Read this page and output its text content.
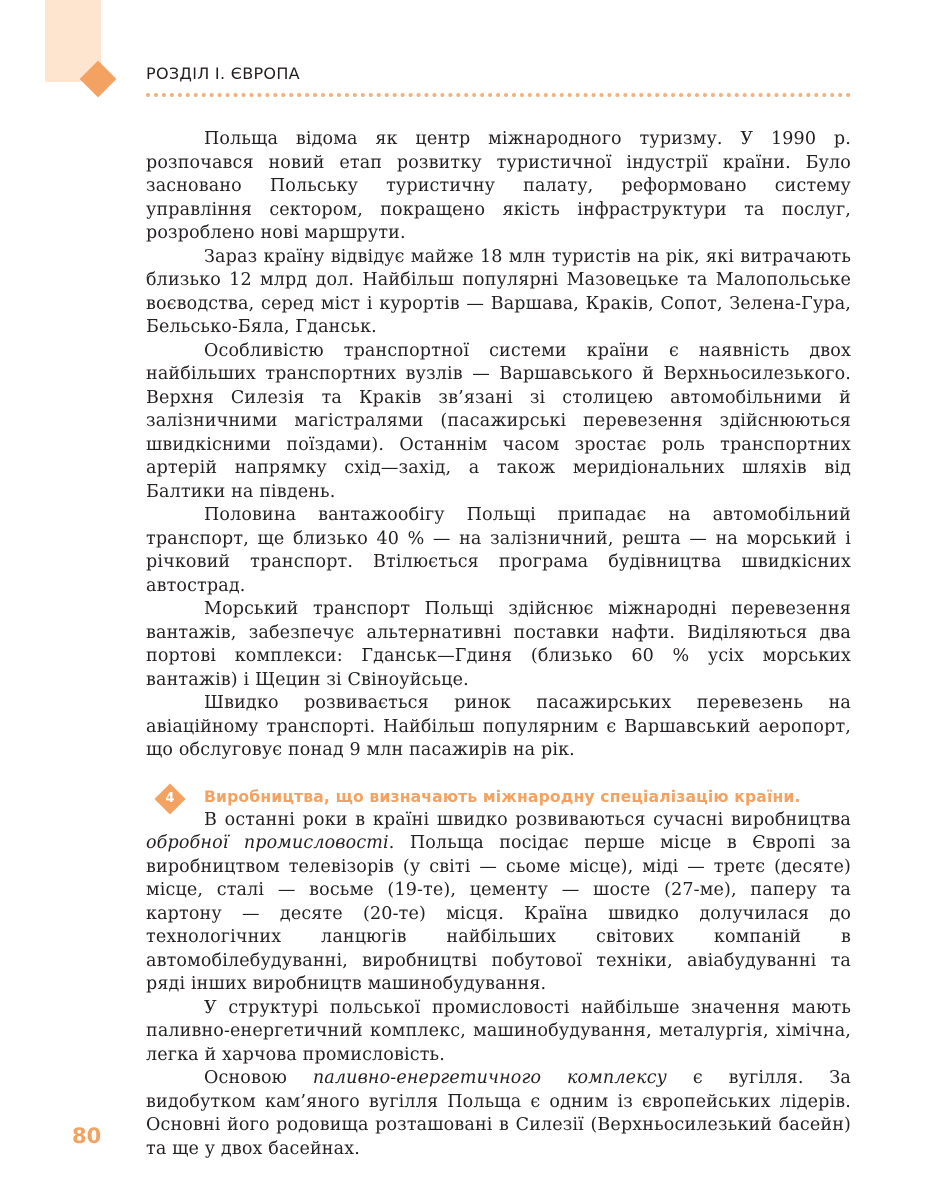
РОЗДІЛ І. ЄВРОПА

Польща відома як центр міжнародного туризму. У 1990 р. розпочався новий етап розвитку туристичної індустрії країни. Було засновано Польську туристичну палату, реформовано систему управління сектором, покращено якість інфраструктури та послуг, розроблено нові маршрути.

Зараз країну відвідує майже 18 млн туристів на рік, які витрачають близько 12 млрд дол. Найбільш популярні Мазовецьке та Малопольське воєводства, серед міст і курортів — Варшава, Краків, Сопот, Зелена-Гура, Бельсько-Бяла, Гданськ.

Особливістю транспортної системи країни є наявність двох найбільших транспортних вузлів — Варшавського й Верхньосилезького. Верхня Силезія та Краків зв’язані зі столицею автомобільними й залізничними магістралями (пасажирські перевезення здійснюються швидкісними поїздами). Останнім часом зростає роль транспортних артерій напрямку схід—захід, а також меридіональних шляхів від Балтики на південь.

Половина вантажообігу Польщі припадає на автомобільний транспорт, ще близько 40 % — на залізничний, решта — на морський і річковий транспорт. Втілюється програма будівництва швидкісних автострад.

Морський транспорт Польщі здійснює міжнародні перевезення вантажів, забезпечує альтернативні поставки нафти. Виділяються два портові комплекси: Гданськ—Гдиня (близько 60 % усіх морських вантажів) і Щецин зі Свіноуйсьце.

Швидко розвивається ринок пасажирських перевезень на авіаційному транспорті. Найбільш популярним є Варшавський аеропорт, що обслуговує понад 9 млн пасажирів на рік.

4	Виробництва, що визначають міжнародну спеціалізацію країни.

В останні роки в країні швидко розвиваються сучасні виробництва обробної промисловості. Польща посідає перше місце в Європі за виробництвом телевізорів (у світі — сьоме місце), міді — третє (десяте) місце, сталі — восьме (19-те), цементу — шосте (27-ме), паперу та картону — десяте (20-те) місця. Країна швидко долучилася до технологічних ланцюгів найбільших світових компаній в автомобілебудуванні, виробництві побутової техніки, авіабудуванні та ряді інших виробництв машинобудування.

У структурі польської промисловості найбільше значення мають паливно-енергетичний комплекс, машинобудування, металургія, хімічна, легка й харчова промисловість.

Основою паливно-енергетичного комплексу є вугілля. За видобутком кам’яного вугілля Польща є одним із європейських лідерів. Основні його родовища розташовані в Силезії (Верхньосилезький басейн) та ще у двох басейнах.

80
